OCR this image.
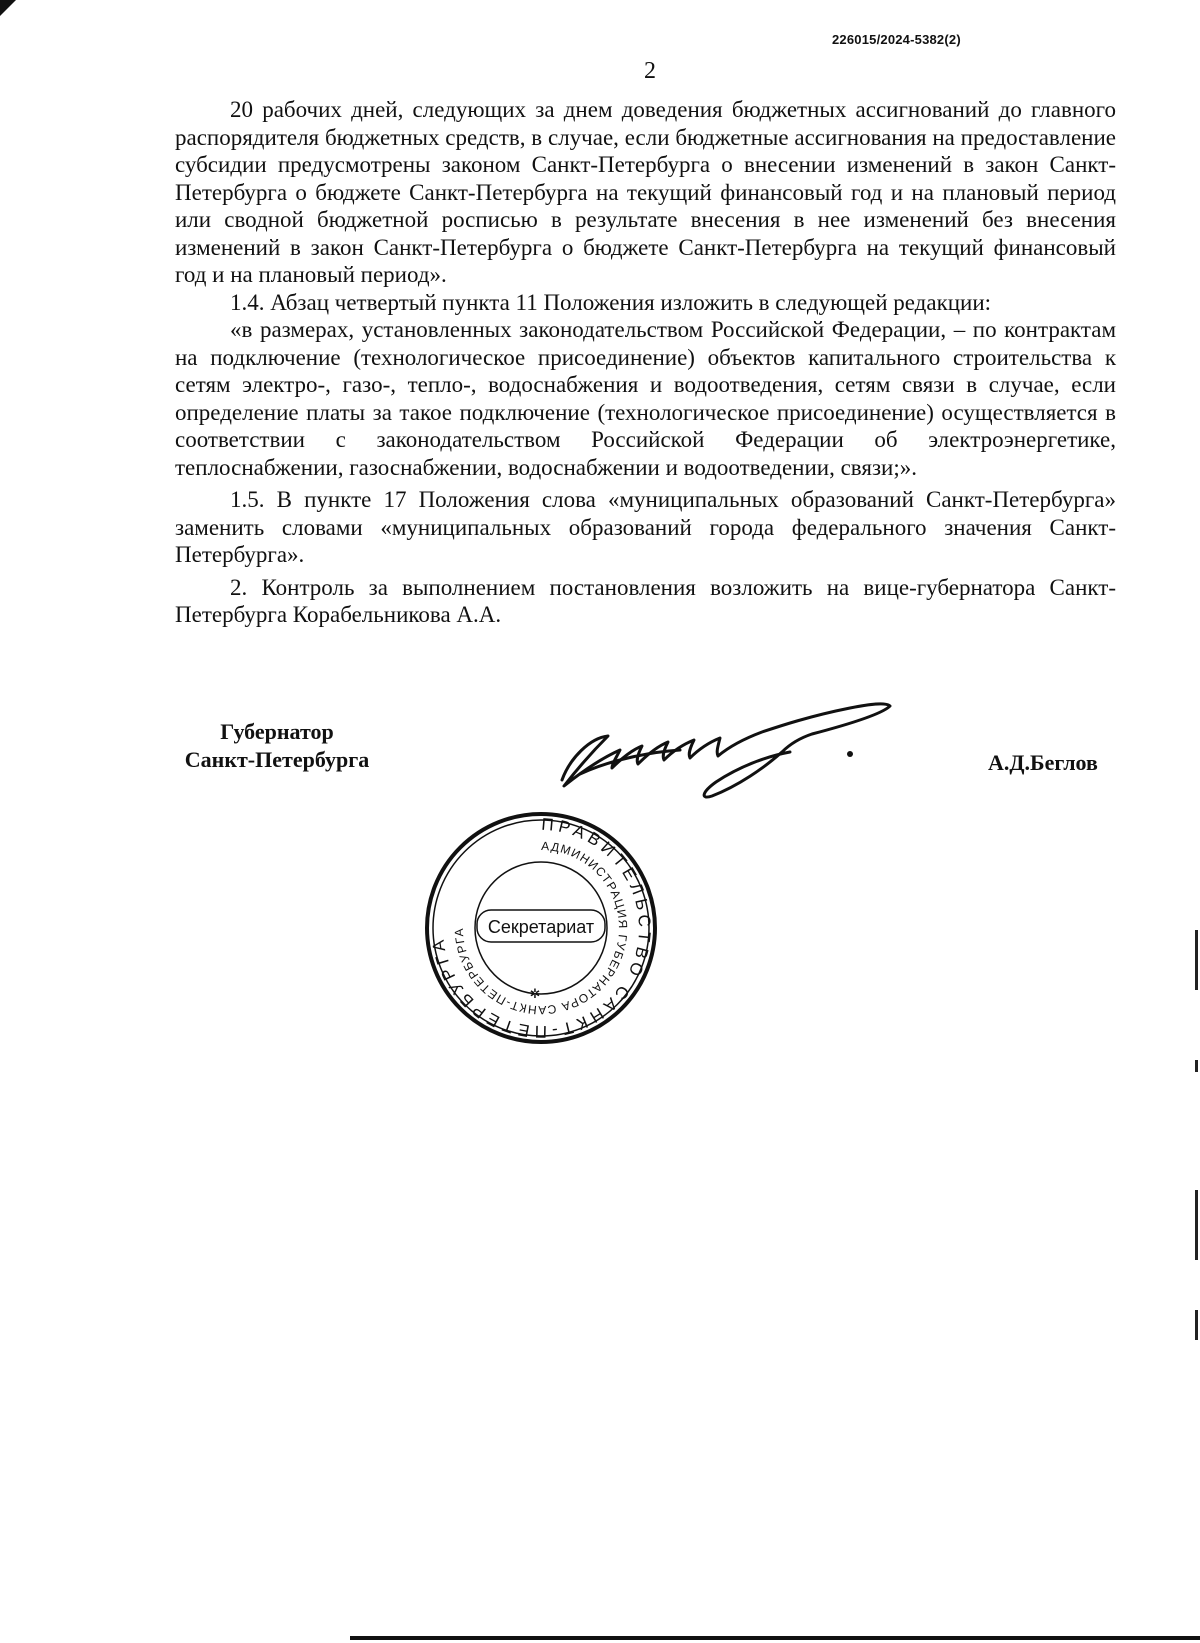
226015/2024-5382(2)
2

20 рабочих дней, следующих за днем доведения бюджетных ассигнований до главного распорядителя бюджетных средств, в случае, если бюджетные ассигнования на предоставление субсидии предусмотрены законом Санкт-Петербурга о внесении изменений в закон Санкт-Петербурга о бюджете Санкт-Петербурга на текущий финансовый год и на плановый период или сводной бюджетной росписью в результате внесения в нее изменений без внесения изменений в закон Санкт-Петербурга о бюджете Санкт-Петербурга на текущий финансовый год и на плановый период».

1.4. Абзац четвертый пункта 11 Положения изложить в следующей редакции:

«в размерах, установленных законодательством Российской Федерации, – по контрактам на подключение (технологическое присоединение) объектов капитального строительства к сетям электро-, газо-, тепло-, водоснабжения и водоотведения, сетям связи в случае, если определение платы за такое подключение (технологическое присоединение) осуществляется в соответствии с законодательством Российской Федерации об электроэнергетике, теплоснабжении, газоснабжении, водоснабжении и водоотведении, связи;».

1.5. В пункте 17 Положения слова «муниципальных образований Санкт-Петербурга» заменить словами «муниципальных образований города федерального значения Санкт-Петербурга».

2. Контроль за выполнением постановления возложить на вице-губернатора Санкт-Петербурга Корабельникова А.А.

Губернатор
Санкт-Петербурга	А.Д.Беглов
ПРАВИТЕЛЬСТВО САНКТ-ПЕТЕРБУРГА
АДМИНИСТРАЦИЯ ГУБЕРНАТОРА САНКТ-ПЕТЕРБУРГА	Секретариат
✲
